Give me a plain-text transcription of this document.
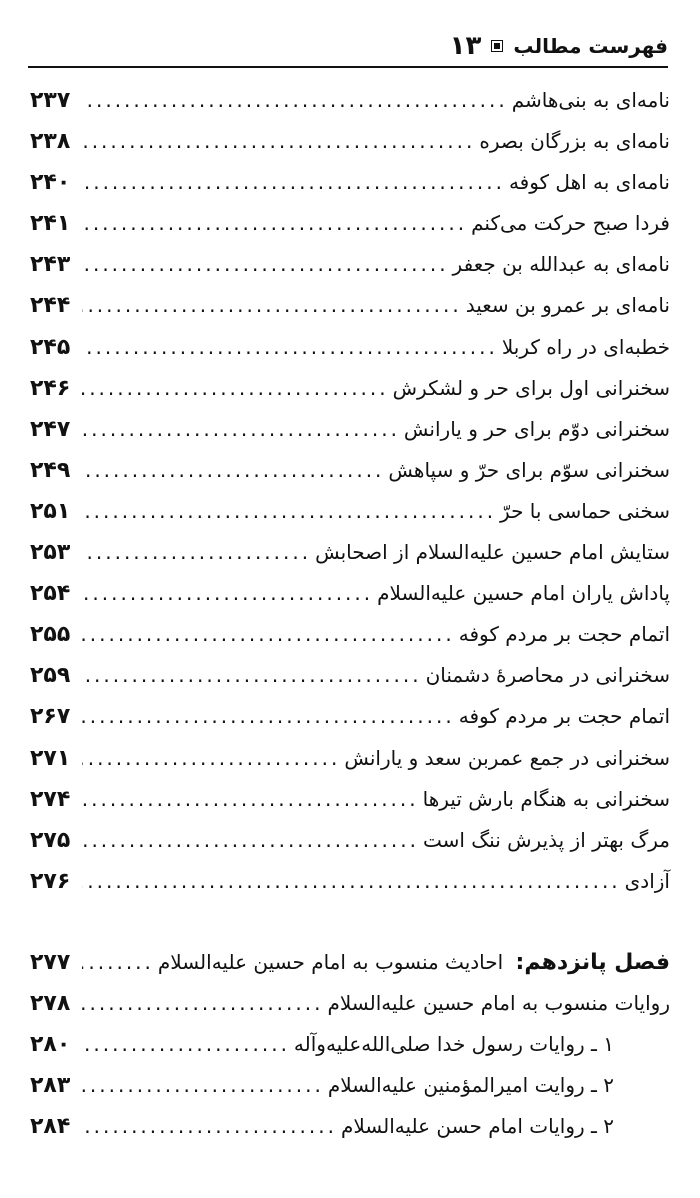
فهرست مطالب
۱۳
نامه‌ای به بنی‌هاشم
.....
۲۳۷
نامه‌ای به بزرگان بصره
.....
۲۳۸
نامه‌ای به اهل کوفه
.....
۲۴۰
فردا صبح حرکت می‌کنم
.....
۲۴۱
نامه‌ای به عبدالله بن جعفر
.....
۲۴۳
نامه‌ای بر عمرو بن سعید
.....
۲۴۴
خطبه‌ای در راه کربلا
.....
۲۴۵
سخنرانی اول برای حر و لشکرش
.....
۲۴۶
سخنرانی دوّم برای حر و یارانش
.....
۲۴۷
سخنرانی سوّم برای حرّ و سپاهش
.....
۲۴۹
سخنی حماسی با حرّ
.....
۲۵۱
ستایش امام حسین علیه‌السلام از اصحابش
.....
۲۵۳
پاداش یاران امام حسین علیه‌السلام
.....
۲۵۴
اتمام حجت بر مردم کوفه
.....
۲۵۵
سخنرانی در محاصرهٔ دشمنان
.....
۲۵۹
اتمام حجت بر مردم کوفه
.....
۲۶۷
سخنرانی در جمع عمربن سعد و یارانش
.....
۲۷۱
سخنرانی به هنگام بارش تیرها
.....
۲۷۴
مرگ بهتر از پذیرش ننگ است
.....
۲۷۵
آزادی
.....
۲۷۶
فصل پانزدهم: احادیث منسوب به امام حسین علیه‌السلام
.....
۲۷۷
روایات منسوب به امام حسین علیه‌السلام
.....
۲۷۸
۱ ـ روایات رسول خدا صلی‌الله‌علیه‌وآله
.....
۲۸۰
۲ ـ روایت امیرالمؤمنین علیه‌السلام
.....
۲۸۳
۲ ـ روایات امام حسن علیه‌السلام
.....
۲۸۴
